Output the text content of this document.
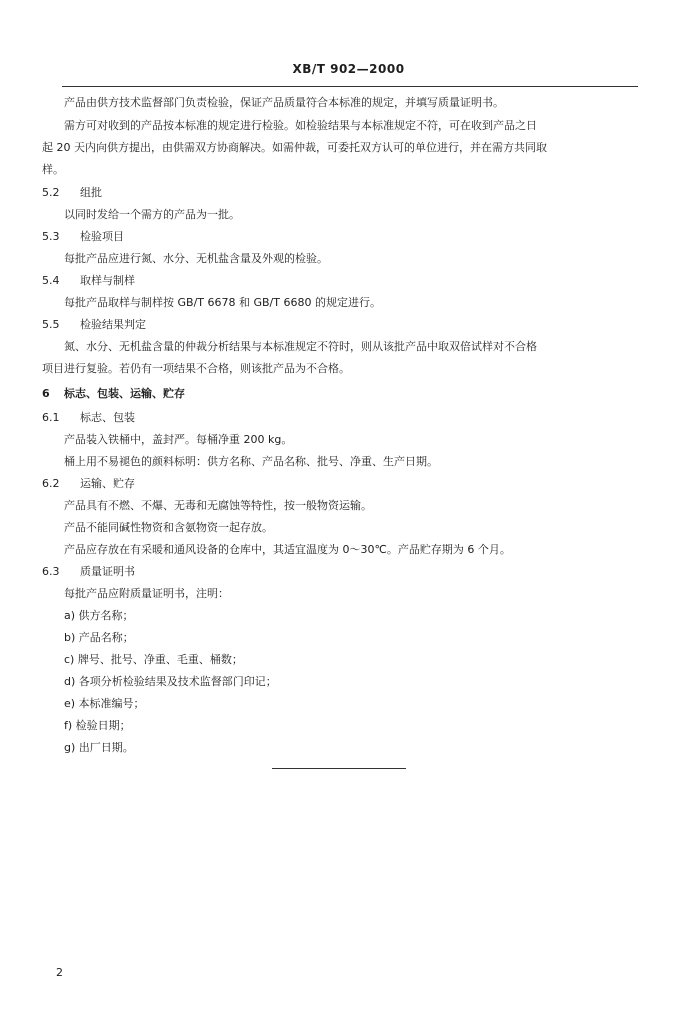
XB/T 902—2000
产品由供方技术监督部门负责检验，保证产品质量符合本标准的规定，并填写质量证明书。
需方可对收到的产品按本标准的规定进行检验。如检验结果与本标准规定不符，可在收到产品之日
起 20 天内向供方提出，由供需双方协商解决。如需仲裁，可委托双方认可的单位进行，并在需方共同取
样。
5.2 组批
以同时发给一个需方的产品为一批。
5.3 检验项目
每批产品应进行氮、水分、无机盐含量及外观的检验。
5.4 取样与制样
每批产品取样与制样按 GB/T 6678 和 GB/T 6680 的规定进行。
5.5 检验结果判定
氮、水分、无机盐含量的仲裁分析结果与本标准规定不符时，则从该批产品中取双倍试样对不合格
项目进行复验。若仍有一项结果不合格，则该批产品为不合格。
6 标志、包装、运输、贮存
6.1 标志、包装
产品装入铁桶中，盖封严。每桶净重 200 kg。
桶上用不易褪色的颜料标明：供方名称、产品名称、批号、净重、生产日期。
6.2 运输、贮存
产品具有不燃、不爆、无毒和无腐蚀等特性，按一般物资运输。
产品不能同碱性物资和含氨物资一起存放。
产品应存放在有采暖和通风设备的仓库中，其适宜温度为 0～30℃。产品贮存期为 6 个月。
6.3 质量证明书
每批产品应附质量证明书，注明：
a) 供方名称；
b) 产品名称；
c) 牌号、批号、净重、毛重、桶数；
d) 各项分析检验结果及技术监督部门印记；
e) 本标准编号；
f) 检验日期；
g) 出厂日期。
2
